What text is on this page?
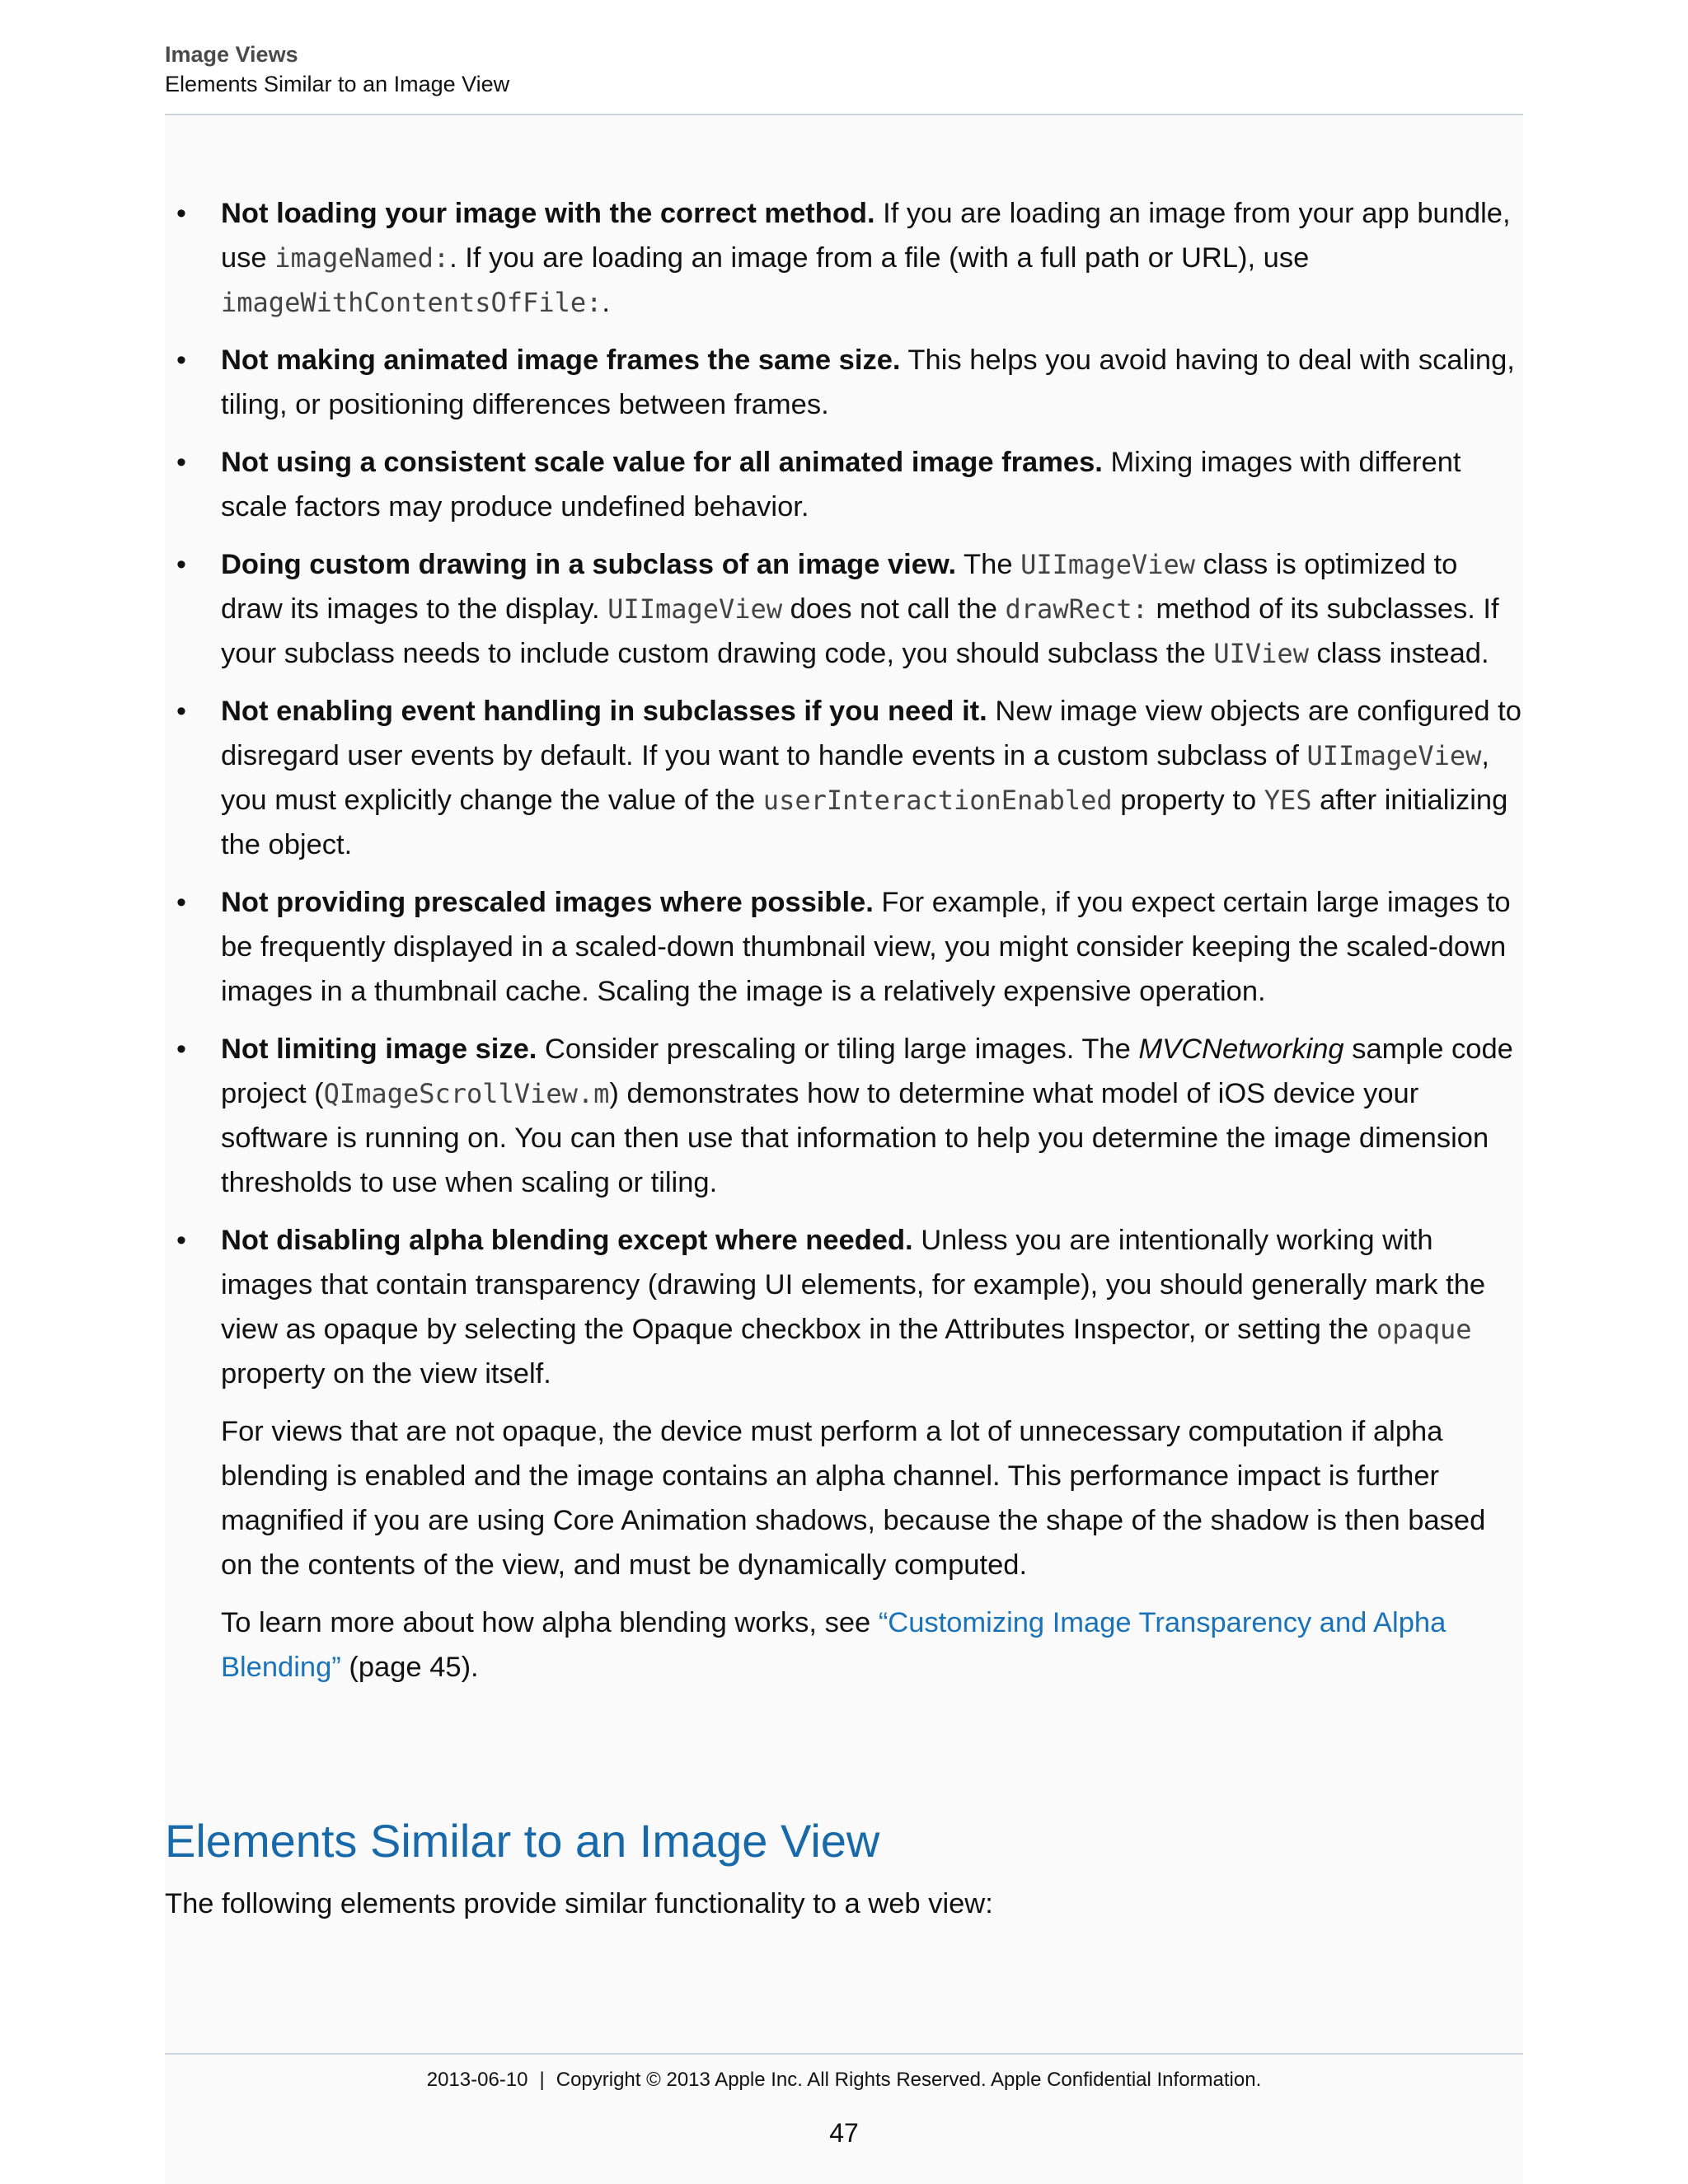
Image Views
Elements Similar to an Image View
• Not loading your image with the correct method. If you are loading an image from your app bundle, use imageNamed:. If you are loading an image from a file (with a full path or URL), use imageWithContentsOfFile:.
• Not making animated image frames the same size. This helps you avoid having to deal with scaling, tiling, or positioning differences between frames.
• Not using a consistent scale value for all animated image frames. Mixing images with different scale factors may produce undefined behavior.
• Doing custom drawing in a subclass of an image view. The UIImageView class is optimized to draw its images to the display. UIImageView does not call the drawRect: method of its subclasses. If your subclass needs to include custom drawing code, you should subclass the UIView class instead.
• Not enabling event handling in subclasses if you need it. New image view objects are configured to disregard user events by default. If you want to handle events in a custom subclass of UIImageView, you must explicitly change the value of the userInteractionEnabled property to YES after initializing the object.
• Not providing prescaled images where possible. For example, if you expect certain large images to be frequently displayed in a scaled-down thumbnail view, you might consider keeping the scaled-down images in a thumbnail cache. Scaling the image is a relatively expensive operation.
• Not limiting image size. Consider prescaling or tiling large images. The MVCNetworking sample code project (QImageScrollView.m) demonstrates how to determine what model of iOS device your software is running on. You can then use that information to help you determine the image dimension thresholds to use when scaling or tiling.
• Not disabling alpha blending except where needed. Unless you are intentionally working with images that contain transparency (drawing UI elements, for example), you should generally mark the view as opaque by selecting the Opaque checkbox in the Attributes Inspector, or setting the opaque property on the view itself.

For views that are not opaque, the device must perform a lot of unnecessary computation if alpha blending is enabled and the image contains an alpha channel. This performance impact is further magnified if you are using Core Animation shadows, because the shape of the shadow is then based on the contents of the view, and must be dynamically computed.

To learn more about how alpha blending works, see “Customizing Image Transparency and Alpha Blending” (page 45).

Elements Similar to an Image View
The following elements provide similar functionality to a web view:
2013-06-10 | Copyright © 2013 Apple Inc. All Rights Reserved. Apple Confidential Information.
47
